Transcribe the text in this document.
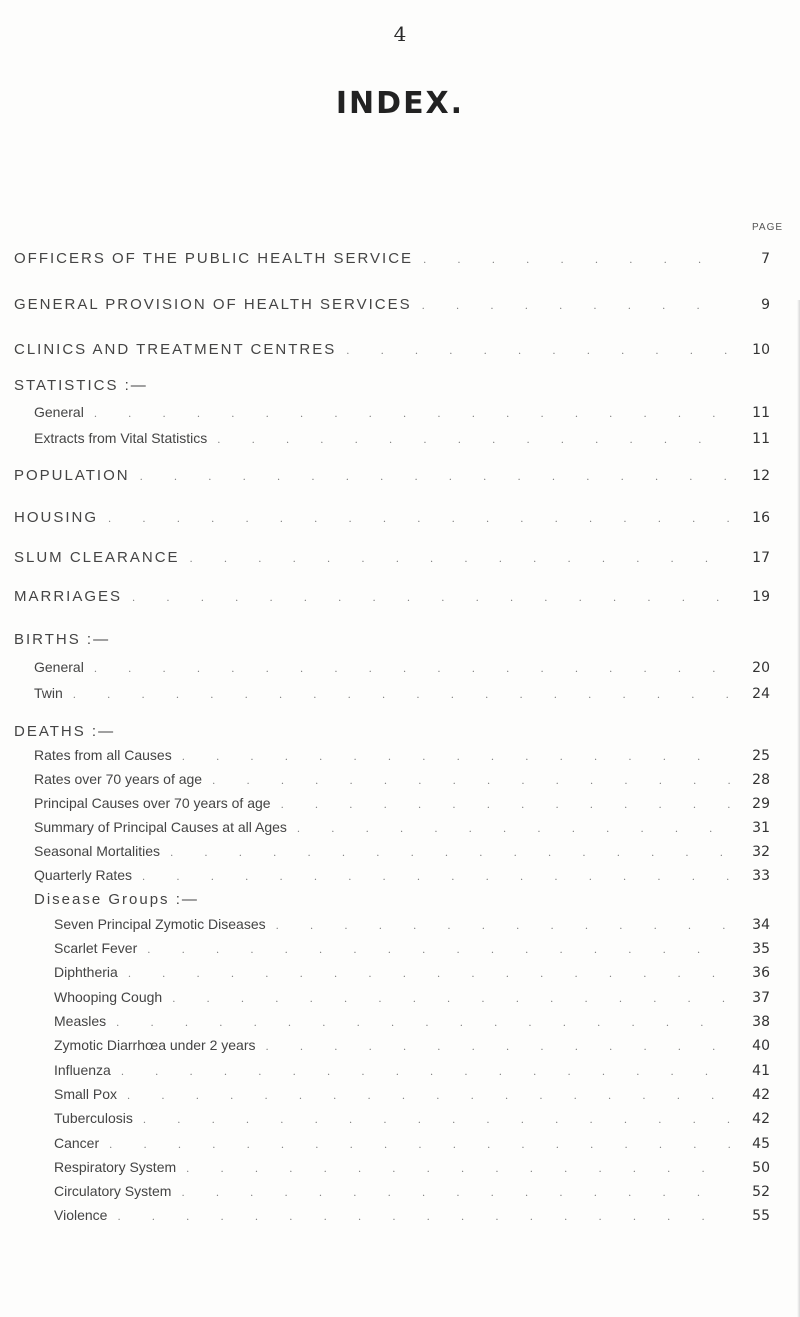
4
INDEX.
PAGE
OFFICERS OF THE PUBLIC HEALTH SERVICE . . .	7
GENERAL PROVISION OF HEALTH SERVICES . . .	9
CLINICS AND TREATMENT CENTRES . . .	10
STATISTICS :—
General . . .	11
Extracts from Vital Statistics . . .	11
POPULATION . . .	12
HOUSING . . .	16
SLUM CLEARANCE . . .	17
MARRIAGES . . .	19
BIRTHS :—
General . . .	20
Twin . . .	24
DEATHS :—
Rates from all Causes . . .	25
Rates over 70 years of age . . .	28
Principal Causes over 70 years of age . . .	29
Summary of Principal Causes at all Ages . . .	31
Seasonal Mortalities . . .	32
Quarterly Rates . . .	33
Disease Groups :—
Seven Principal Zymotic Diseases . . .	34
Scarlet Fever . . .	35
Diphtheria . . .	36
Whooping Cough . . .	37
Measles . . .	38
Zymotic Diarrhœa under 2 years . . .	40
Influenza . . .	41
Small Pox . . .	42
Tuberculosis . . .	42
Cancer . . .	45
Respiratory System . . .	50
Circulatory System . . .	52
Violence . . .	55
